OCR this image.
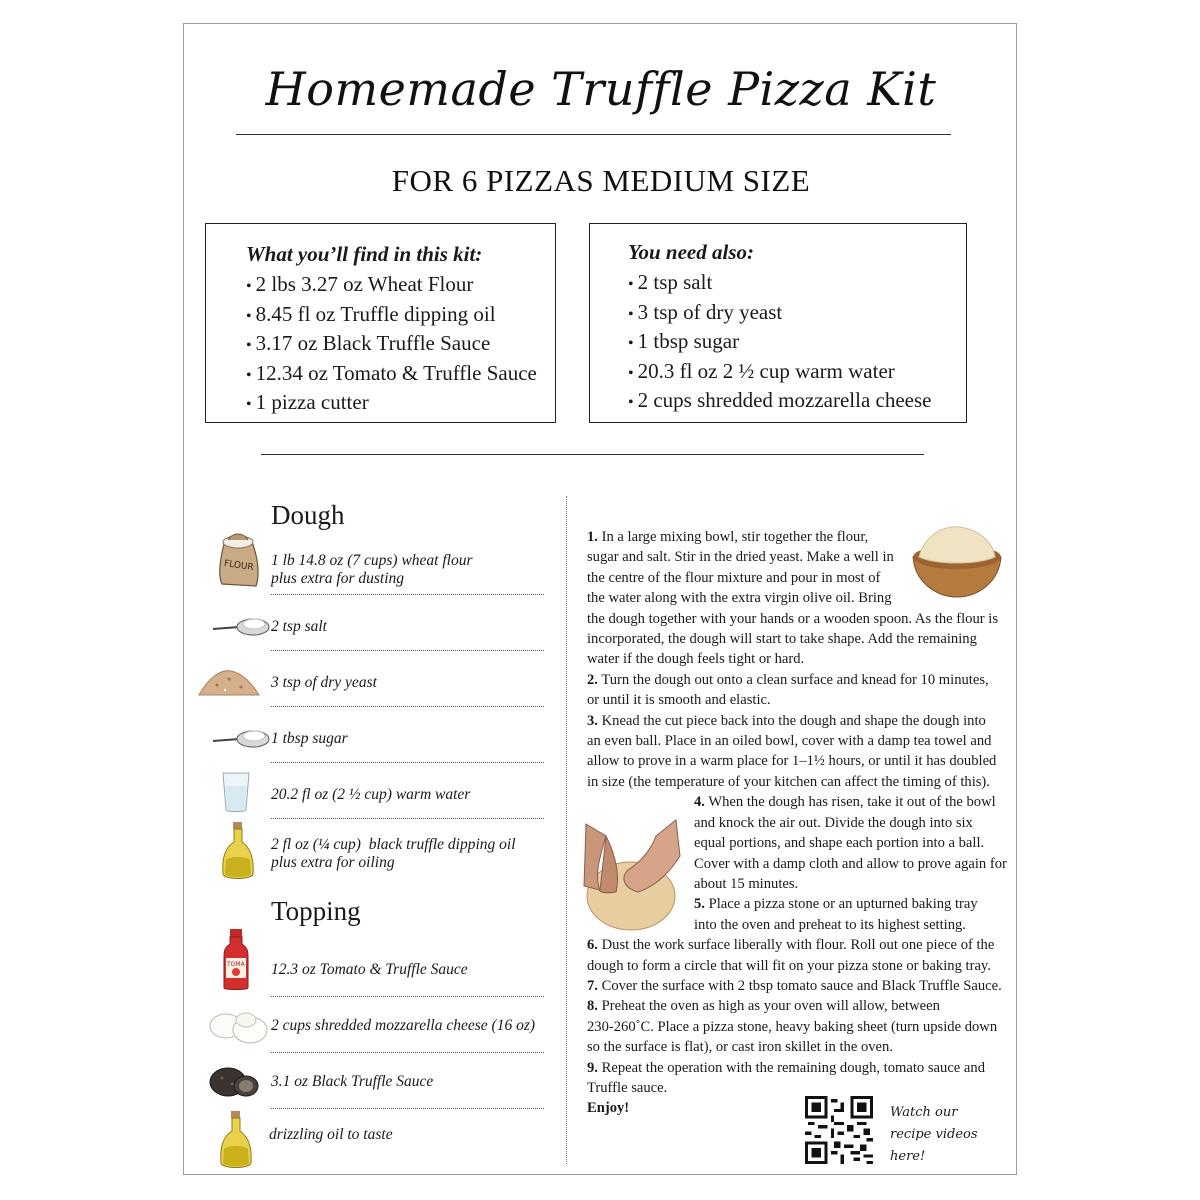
Homemade Truffle Pizza Kit
FOR 6 PIZZAS MEDIUM SIZE
What you’ll find in this kit:
• 2 lbs 3.27 oz Wheat Flour
• 8.45 fl oz Truffle dipping oil
• 3.17 oz Black Truffle Sauce
• 12.34 oz Tomato & Truffle Sauce
• 1 pizza cutter
You need also:
• 2 tsp salt
• 3 tsp of dry yeast
• 1 tbsp sugar
• 20.3 fl oz 2 ½ cup warm water
• 2 cups shredded mozzarella cheese
Dough
FLOUR 1 lb 14.8 oz (7 cups) wheat flour
plus extra for dusting
2 tsp salt
3 tsp of dry yeast
1 tbsp sugar
20.2 fl oz (2 ½ cup) warm water
2 fl oz (¼ cup)  black truffle dipping oil
plus extra for oiling
Topping
TOMA 12.3 oz Tomato & Truffle Sauce
2 cups shredded mozzarella cheese (16 oz)
3.1 oz Black Truffle Sauce
drizzling oil to taste

1. In a large mixing bowl, stir together the flour,

sugar and salt. Stir in the dried yeast. Make a well in

the centre of the flour mixture and pour in most of

the water along with the extra virgin olive oil. Bring

the dough together with your hands or a wooden spoon. As the flour is

incorporated, the dough will start to take shape. Add the remaining

water if the dough feels tight or hard.

2. Turn the dough out onto a clean surface and knead for 10 minutes,

or until it is smooth and elastic.

3. Knead the cut piece back into the dough and shape the dough into

an even ball. Place in an oiled bowl, cover with a damp tea towel and

allow to prove in a warm place for 1–1½ hours, or until it has doubled

in size (the temperature of your kitchen can affect the timing of this).

4. When the dough has risen, take it out of the bowl

and knock the air out. Divide the dough into six

equal portions, and shape each portion into a ball.

Cover with a damp cloth and allow to prove again for

about 15 minutes.

5. Place a pizza stone or an upturned baking tray

into the oven and preheat to its highest setting.

6. Dust the work surface liberally with flour. Roll out one piece of the

dough to form a circle that will fit on your pizza stone or baking tray.

7. Cover the surface with 2 tbsp tomato sauce and Black Truffle Sauce.

8. Preheat the oven as high as your oven will allow, between

230-260˚C. Place a pizza stone, heavy baking sheet (turn upside down

so the surface is flat), or cast iron skillet in the oven.

9. Repeat the operation with the remaining dough, tomato sauce and

Truffle sauce.

Enjoy!	Watch our
recipe videos here!
